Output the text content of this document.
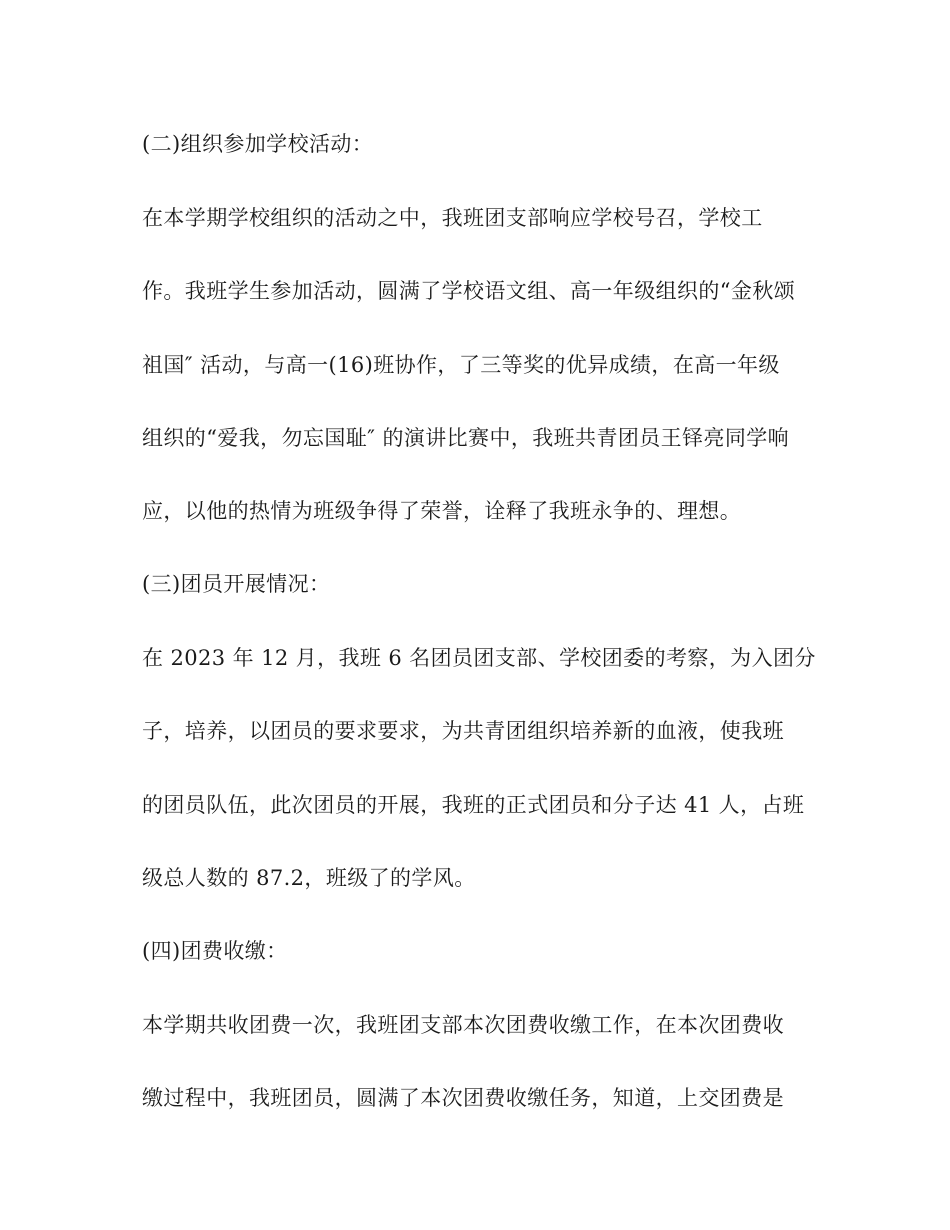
(二)组织参加学校活动：
在本学期学校组织的活动之中，我班团支部响应学校号召，学校工
作。我班学生参加活动，圆满了学校语文组、高一年级组织的“金秋颂
祖国″ 活动，与高一(16)班协作，了三等奖的优异成绩，在高一年级
组织的“爱我，勿忘国耻″ 的演讲比赛中，我班共青团员王铎亮同学响
应，以他的热情为班级争得了荣誉，诠释了我班永争的、理想。
(三)团员开展情况：
在 2023 年 12 月，我班 6 名团员团支部、学校团委的考察，为入团分
子，培养，以团员的要求要求，为共青团组织培养新的血液，使我班
的团员队伍，此次团员的开展，我班的正式团员和分子达 41 人，占班
级总人数的 87.2，班级了的学风。
(四)团费收缴：
本学期共收团费一次，我班团支部本次团费收缴工作，在本次团费收
缴过程中，我班团员，圆满了本次团费收缴任务，知道，上交团费是
